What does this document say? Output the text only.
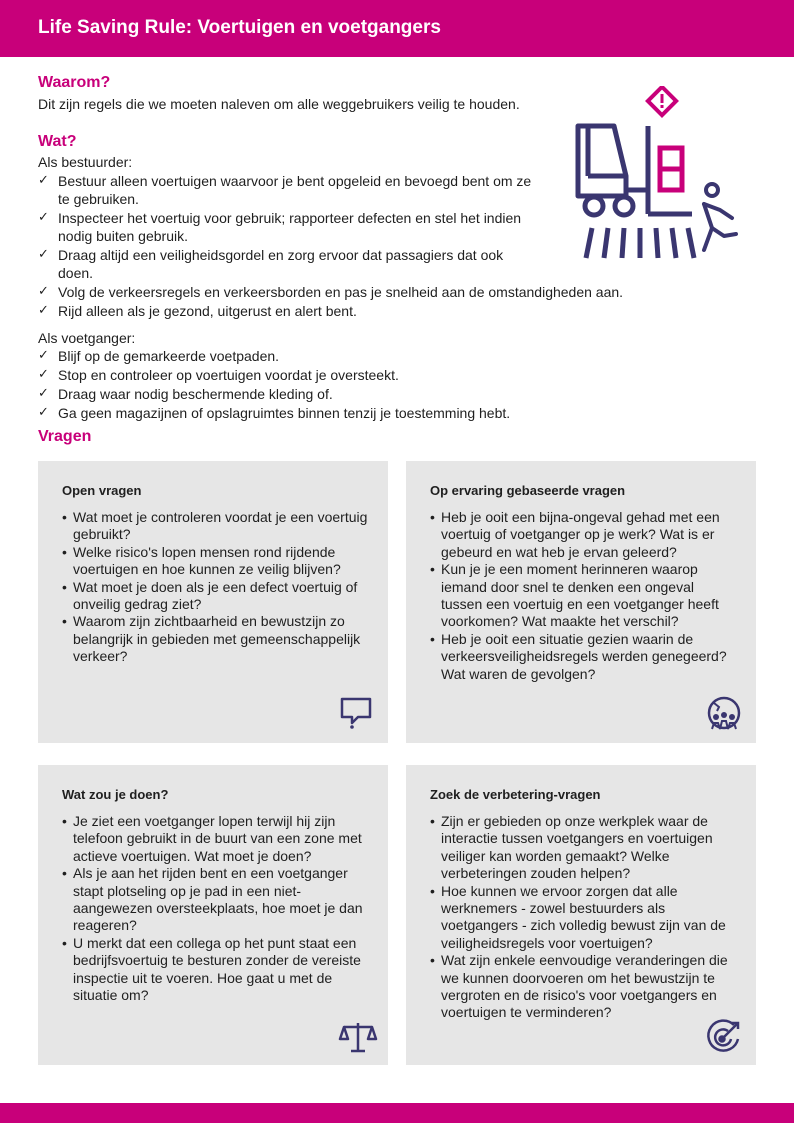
Life Saving Rule: Voertuigen en voetgangers
Waarom?
Dit zijn regels die we moeten naleven om alle weggebruikers veilig te houden.
Wat?
Als bestuurder:
✓ Bestuur alleen voertuigen waarvoor je bent opgeleid en bevoegd bent om ze te gebruiken.
✓ Inspecteer het voertuig voor gebruik; rapporteer defecten en stel het indien nodig buiten gebruik.
✓ Draag altijd een veiligheidsgordel en zorg ervoor dat passagiers dat ook doen.
✓ Volg de verkeersregels en verkeersborden en pas je snelheid aan de omstandigheden aan.
✓ Rijd alleen als je gezond, uitgerust en alert bent.
Als voetganger:
✓ Blijf op de gemarkeerde voetpaden.
✓ Stop en controleer op voertuigen voordat je oversteekt.
✓ Draag waar nodig beschermende kleding of.
✓ Ga geen magazijnen of opslagruimtes binnen tenzij je toestemming hebt.
Vragen
Open vragen
• Wat moet je controleren voordat je een voertuig gebruikt?
• Welke risico's lopen mensen rond rijdende voertuigen en hoe kunnen ze veilig blijven?
• Wat moet je doen als je een defect voertuig of onveilig gedrag ziet?
• Waarom zijn zichtbaarheid en bewustzijn zo belangrijk in gebieden met gemeenschappelijk verkeer?
Op ervaring gebaseerde vragen
• Heb je ooit een bijna-ongeval gehad met een voertuig of voetganger op je werk? Wat is er gebeurd en wat heb je ervan geleerd?
• Kun je je een moment herinneren waarop iemand door snel te denken een ongeval tussen een voertuig en een voetganger heeft voorkomen? Wat maakte het verschil?
• Heb je ooit een situatie gezien waarin de verkeersveiligheidsregels werden genegeerd? Wat waren de gevolgen?
Wat zou je doen?
• Je ziet een voetganger lopen terwijl hij zijn telefoon gebruikt in de buurt van een zone met actieve voertuigen. Wat moet je doen?
• Als je aan het rijden bent en een voetganger stapt plotseling op je pad in een niet-aangewezen oversteekplaats, hoe moet je dan reageren?
• U merkt dat een collega op het punt staat een bedrijfsvoertuig te besturen zonder de vereiste inspectie uit te voeren. Hoe gaat u met de situatie om?
Zoek de verbetering-vragen
• Zijn er gebieden op onze werkplek waar de interactie tussen voetgangers en voertuigen veiliger kan worden gemaakt? Welke verbeteringen zouden helpen?
• Hoe kunnen we ervoor zorgen dat alle werknemers - zowel bestuurders als voetgangers - zich volledig bewust zijn van de veiligheidsregels voor voertuigen?
• Wat zijn enkele eenvoudige veranderingen die we kunnen doorvoeren om het bewustzijn te vergroten en de risico's voor voetgangers en voertuigen te verminderen?
